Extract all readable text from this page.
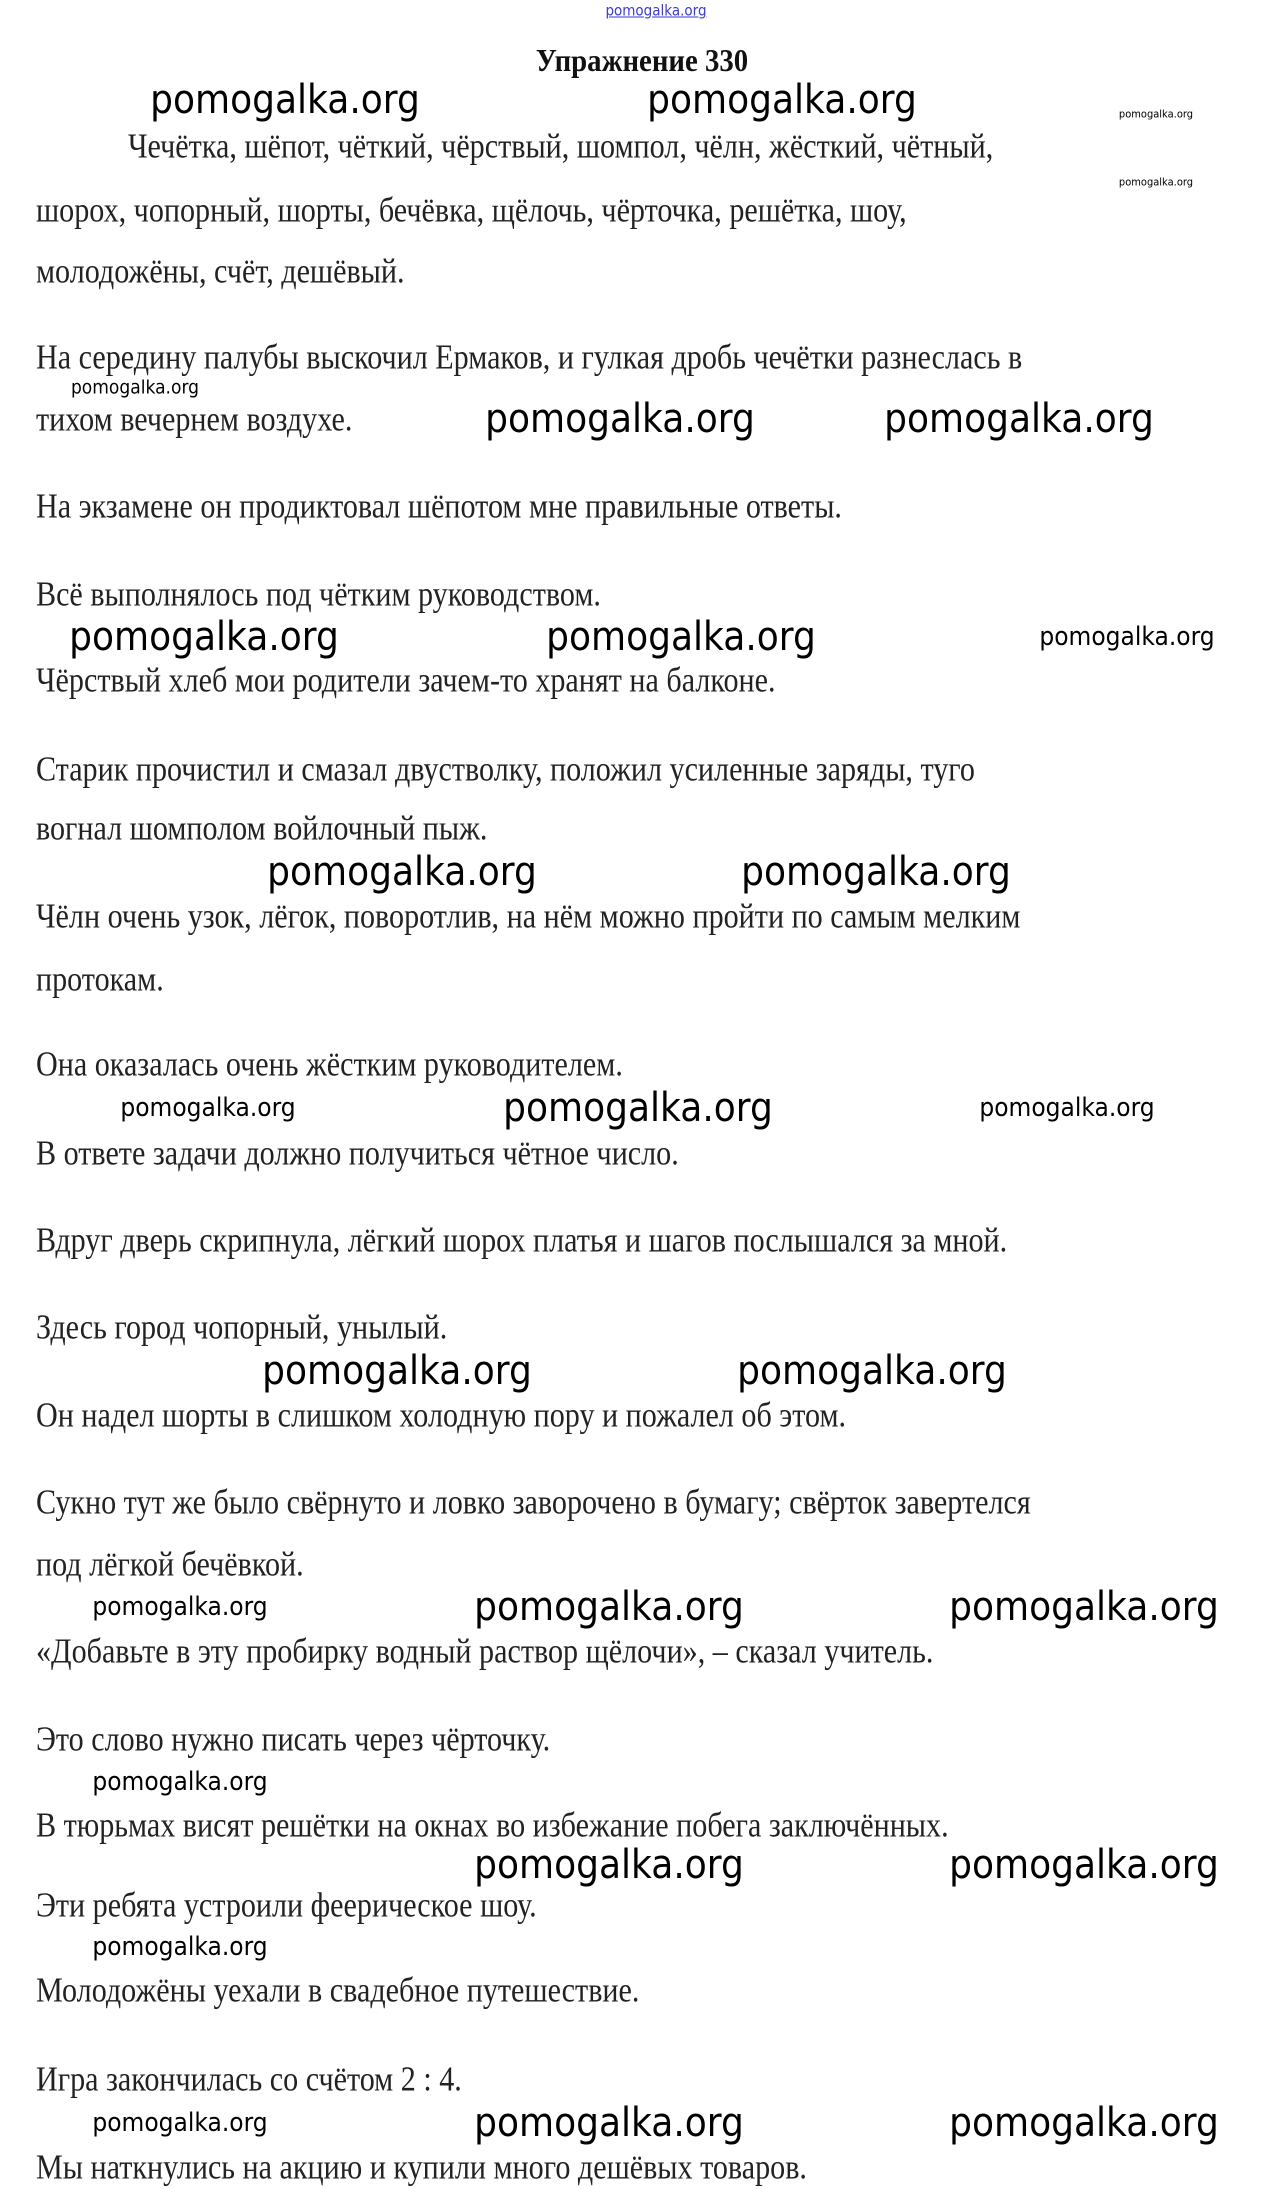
pomogalka.org
Упражнение 330
Чечётка, шёпот, чёткий, чёрствый, шомпол, чёлн, жёсткий, чётный,
шорох, чопорный, шорты, бечёвка, щёлочь, чёрточка, решётка, шоу,
молодожёны, счёт, дешёвый.
На середину палубы выскочил Ермаков, и гулкая дробь чечётки разнеслась в
тихом вечернем воздухе.
На экзамене он продиктовал шёпотом мне правильные ответы.
Всё выполнялось под чётким руководством.
Чёрствый хлеб мои родители зачем-то хранят на балконе.
Старик прочистил и смазал двустволку, положил усиленные заряды, туго
вогнал шомполом войлочный пыж.
Чёлн очень узок, лёгок, поворотлив, на нём можно пройти по самым мелким
протокам.
Она оказалась очень жёстким руководителем.
В ответе задачи должно получиться чётное число.
Вдруг дверь скрипнула, лёгкий шорох платья и шагов послышался за мной.
Здесь город чопорный, унылый.
Он надел шорты в слишком холодную пору и пожалел об этом.
Сукно тут же было свёрнуто и ловко заворочено в бумагу; свёрток завертелся
под лёгкой бечёвкой.
«Добавьте в эту пробирку водный раствор щёлочи», – сказал учитель.
Это слово нужно писать через чёрточку.
В тюрьмах висят решётки на окнах во избежание побега заключённых.
Эти ребята устроили феерическое шоу.
Молодожёны уехали в свадебное путешествие.
Игра закончилась со счётом 2 : 4.
Мы наткнулись на акцию и купили много дешёвых товаров.
pomogalka.org	pomogalka.org	pomogalka.org
pomogalka.org
pomogalka.org
pomogalka.org	pomogalka.org
pomogalka.org	pomogalka.org	pomogalka.org
pomogalka.org	pomogalka.org
pomogalka.org	pomogalka.org	pomogalka.org
pomogalka.org	pomogalka.org
pomogalka.org	pomogalka.org	pomogalka.org
pomogalka.org
pomogalka.org	pomogalka.org
pomogalka.org
pomogalka.org	pomogalka.org	pomogalka.org
